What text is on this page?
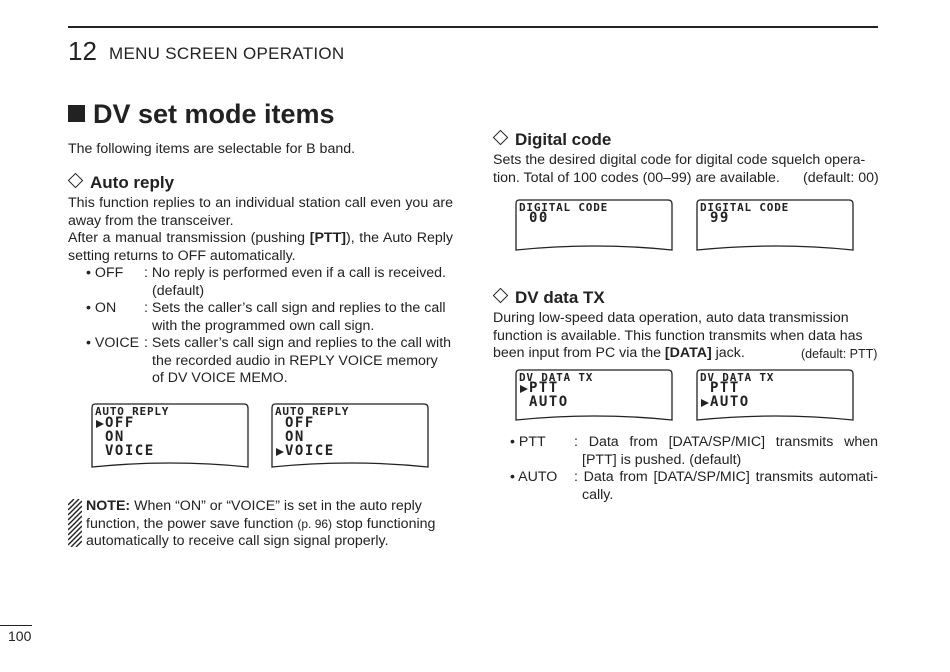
12 MENU SCREEN OPERATION
DV set mode items
The following items are selectable for B band.
Auto reply
This function replies to an individual station call even you are away from the transceiver.
After a manual transmission (pushing [PTT]), the Auto Reply setting returns to OFF automatically.
• OFF : No reply is performed even if a call is received.
(default)
• ON : Sets the caller’s call sign and replies to the call
with the programmed own call sign.
• VOICE : Sets caller’s call sign and replies to the call with
the recorded audio in REPLY VOICE memory
of DV VOICE MEMO.
AUTO REPLY
OFF
ON
VOICE
AUTO REPLY
OFF
ON
VOICE
NOTE: When “ON” or “VOICE” is set in the auto reply
function, the power save function (p. 96) stop functioning
automatically to receive call sign signal properly.
Digital code
Sets the desired digital code for digital code squelch opera-
tion. Total of 100 codes (00–99) are available. (default: 00)
DIGITAL CODE
00
DIGITAL CODE
99
DV data TX
During low-speed data operation, auto data transmission
function is available. This function transmits when data has
been input from PC via the [DATA] jack.	(default: PTT)
DV DATA TX
PTT
AUTO
DV DATA TX
PTT
AUTO
• PTT : Data from [DATA/SP/MIC] transmits when
[PTT] is pushed. (default)
• AUTO : Data from [DATA/SP/MIC] transmits automati-
cally.
100
